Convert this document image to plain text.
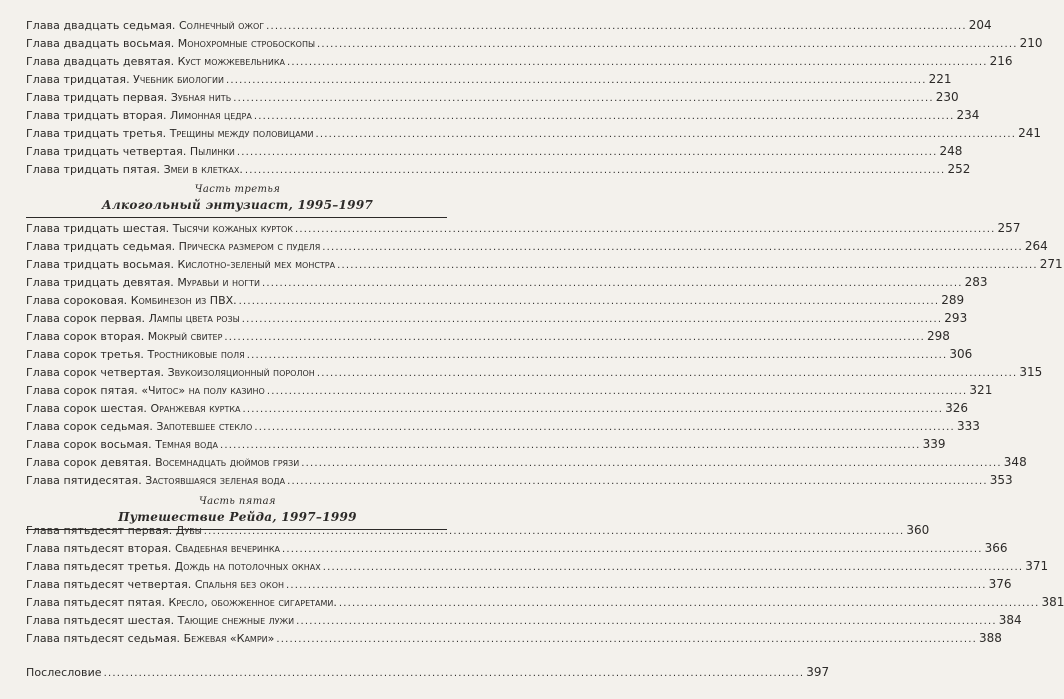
Глава двадцать седьмая.
Солнечный ожог ................................................................................................................................................................ 204
Глава двадцать восьмая.
Монохромные стробоскопы ................................................................................................................................................................ 210
Глава двадцать девятая.
Куст можжевельника ................................................................................................................................................................ 216
Глава тридцатая.
Учебник биологии ................................................................................................................................................................ 221
Глава тридцать первая.
Зубная нить ................................................................................................................................................................ 230
Глава тридцать вторая.
Лимонная цедра ................................................................................................................................................................ 234
Глава тридцать третья.
Трещины между половицами ................................................................................................................................................................ 241
Глава тридцать четвертая.
Пылинки ................................................................................................................................................................ 248
Глава тридцать пятая.
Змеи в клетках. ................................................................................................................................................................ 252
Часть третья
Алкогольный энтузиаст, 1995–1997
Глава тридцать шестая.
Тысячи кожаных курток ................................................................................................................................................................ 257
Глава тридцать седьмая.
Прическа размером с пуделя ................................................................................................................................................................ 264
Глава тридцать восьмая.
Кислотно-зеленый мех монстра ................................................................................................................................................................ 271
Глава тридцать девятая.
Муравьи и ногти ................................................................................................................................................................ 283
Глава сороковая.
Комбинезон из ПВХ. ................................................................................................................................................................ 289
Глава сорок первая.
Лампы цвета розы ................................................................................................................................................................ 293
Глава сорок вторая.
Мокрый свитер ................................................................................................................................................................ 298
Глава сорок третья.
Тростниковые поля ................................................................................................................................................................ 306
Глава сорок четвертая.
Звукоизоляционный поролон ................................................................................................................................................................ 315
Глава сорок пятая.
«Читос» на полу казино ................................................................................................................................................................ 321
Глава сорок шестая.
Оранжевая куртка ................................................................................................................................................................ 326
Глава сорок седьмая.
Запотевшее стекло ................................................................................................................................................................ 333
Глава сорок восьмая.
Темная вода ................................................................................................................................................................ 339
Глава сорок девятая.
Восемнадцать дюймов грязи ................................................................................................................................................................ 348
Глава пятидесятая.
Застоявшаяся зеленая вода ................................................................................................................................................................ 353
Часть пятая
Путешествие Рейда, 1997–1999
Глава пятьдесят первая.
Дубы ................................................................................................................................................................ 360
Глава пятьдесят вторая.
Свадебная вечеринка ................................................................................................................................................................ 366
Глава пятьдесят третья.
Дождь на потолочных окнах ................................................................................................................................................................ 371
Глава пятьдесят четвертая.
Спальня без окон ................................................................................................................................................................ 376
Глава пятьдесят пятая.
Кресло, обожженное сигаретами. ................................................................................................................................................................ 381
Глава пятьдесят шестая.
Тающие снежные лужи ................................................................................................................................................................ 384
Глава пятьдесят седьмая.
Бежевая «Камри» ................................................................................................................................................................ 388
Послесловие ................................................................................................................................................................ 397
